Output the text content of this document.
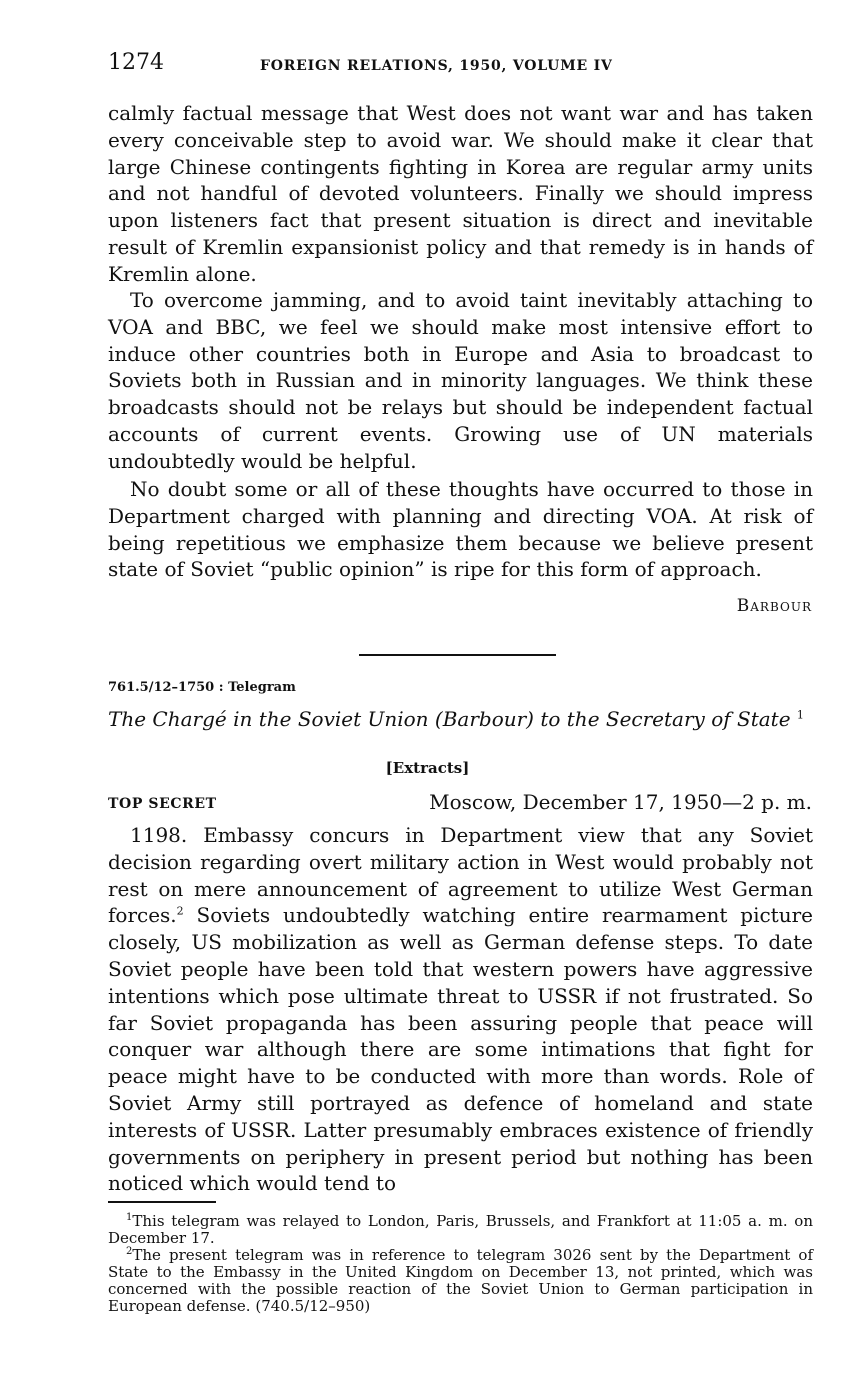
1274	FOREIGN RELATIONS, 1950, VOLUME IV

calmly factual message that West does not want war and has taken every conceivable step to avoid war. We should make it clear that large Chinese contingents fighting in Korea are regular army units and not handful of devoted volunteers. Finally we should impress upon listeners fact that present situation is direct and inevitable result of Kremlin expansionist policy and that remedy is in hands of Kremlin alone.

To overcome jamming, and to avoid taint inevitably attaching to VOA and BBC, we feel we should make most intensive effort to induce other countries both in Europe and Asia to broadcast to Soviets both in Russian and in minority languages. We think these broadcasts should not be relays but should be independent factual accounts of current events. Growing use of UN materials undoubtedly would be helpful.

No doubt some or all of these thoughts have occurred to those in Department charged with planning and directing VOA. At risk of being repetitious we emphasize them because we believe present state of Soviet “public opinion” is ripe for this form of approach.

Barbour
761.5/12–1750 : Telegram
The Chargé in the Soviet Union (Barbour) to the Secretary of State $^1$
[Extracts]
TOP SECRET	Moscow, December 17, 1950—2 p. m.

1198. Embassy concurs in Department view that any Soviet decision regarding overt military action in West would probably not rest on mere announcement of agreement to utilize West German forces.$^2$ Soviets undoubtedly watching entire rearmament picture closely, US mobilization as well as German defense steps. To date Soviet people have been told that western powers have aggressive intentions which pose ultimate threat to USSR if not frustrated. So far Soviet propaganda has been assuring people that peace will conquer war although there are some intimations that fight for peace might have to be conducted with more than words. Role of Soviet Army still portrayed as defence of homeland and state interests of USSR. Latter presumably embraces existence of friendly governments on periphery in present period but nothing has been noticed which would tend to

$^1$This telegram was relayed to London, Paris, Brussels, and Frankfort at 11:05 a. m. on December 17.

$^2$The present telegram was in reference to telegram 3026 sent by the Department of State to the Embassy in the United Kingdom on December 13, not printed, which was concerned with the possible reaction of the Soviet Union to German participation in European defense. (740.5/12–950)
